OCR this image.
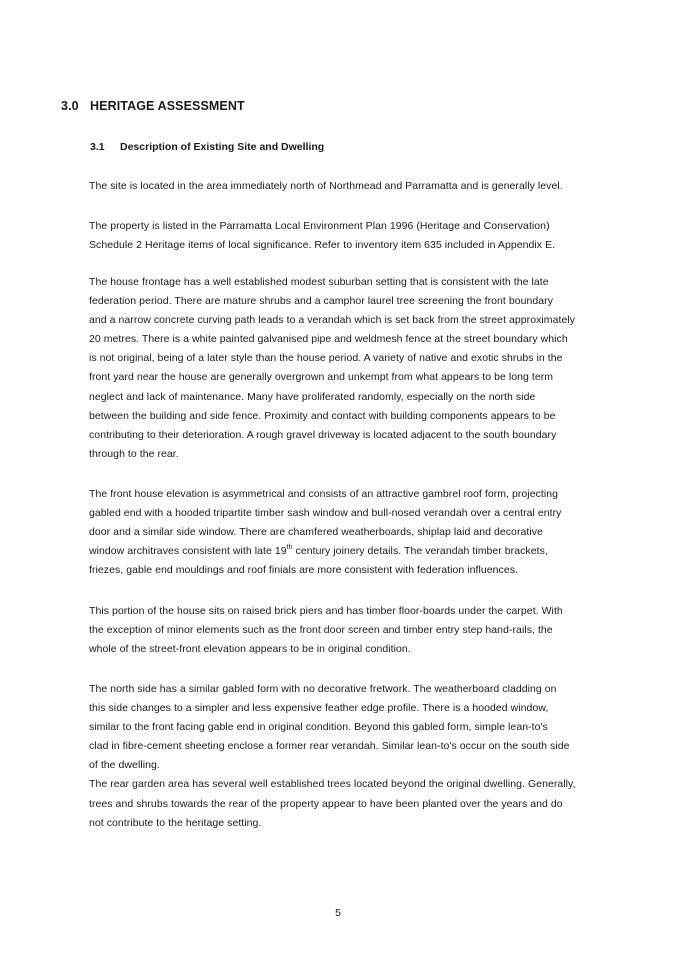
3.0 HERITAGE ASSESSMENT
3.1 Description of Existing Site and Dwelling

The site is located in the area immediately north of Northmead and Parramatta and is generally level.

The property is listed in the Parramatta Local Environment Plan 1996 (Heritage and Conservation)
Schedule 2 Heritage items of local significance. Refer to inventory item 635 included in Appendix E.

The house frontage has a well established modest suburban setting that is consistent with the late
federation period. There are mature shrubs and a camphor laurel tree screening the front boundary
and a narrow concrete curving path leads to a verandah which is set back from the street approximately
20 metres. There is a white painted galvanised pipe and weldmesh fence at the street boundary which
is not original, being of a later style than the house period. A variety of native and exotic shrubs in the
front yard near the house are generally overgrown and unkempt from what appears to be long term
neglect and lack of maintenance. Many have proliferated randomly, especially on the north side
between the building and side fence. Proximity and contact with building components appears to be
contributing to their deterioration. A rough gravel driveway is located adjacent to the south boundary
through to the rear.

The front house elevation is asymmetrical and consists of an attractive gambrel roof form, projecting
gabled end with a hooded tripartite timber sash window and bull-nosed verandah over a central entry
door and a similar side window. There are chamfered weatherboards, shiplap laid and decorative
window architraves consistent with late 19th century joinery details. The verandah timber brackets,
friezes, gable end mouldings and roof finials are more consistent with federation influences.

This portion of the house sits on raised brick piers and has timber floor-boards under the carpet. With
the exception of minor elements such as the front door screen and timber entry step hand-rails, the
whole of the street-front elevation appears to be in original condition.

The north side has a similar gabled form with no decorative fretwork. The weatherboard cladding on
this side changes to a simpler and less expensive feather edge profile. There is a hooded window,
similar to the front facing gable end in original condition. Beyond this gabled form, simple lean-to's
clad in fibre-cement sheeting enclose a former rear verandah. Similar lean-to's occur on the south side
of the dwelling.
The rear garden area has several well established trees located beyond the original dwelling. Generally,
trees and shrubs towards the rear of the property appear to have been planted over the years and do
not contribute to the heritage setting.

5
